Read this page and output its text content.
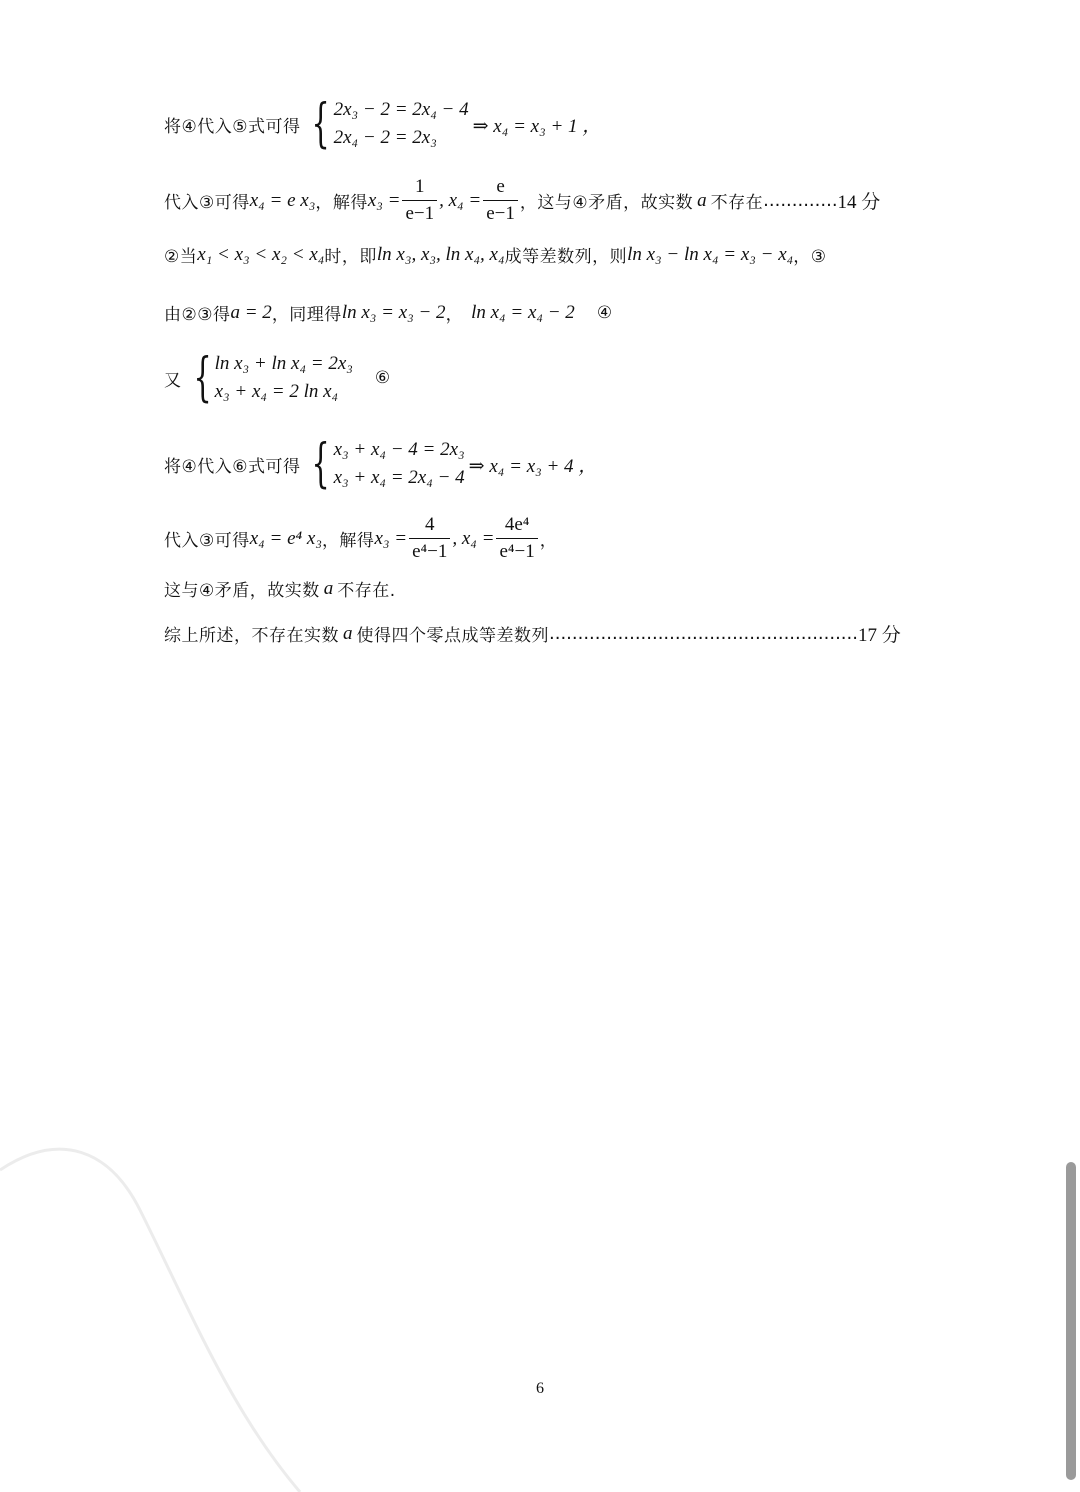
将④代入⑤式可得 { 2x₃ − 2 = 2x₄ − 4
2x₄ − 2 = 2x₃
⇒ x₄ = x₃ + 1 ，
代入③可得 x₄ = e x₃ ，解得 $x_3 = \frac{1}{e-1}$ , $x_4 = \frac{e}{e-1}$ ，这与④矛盾，故实数 a 不存在 ............. 14 分
②当 x₁ < x₃ < x₂ < x₄ 时，即 ln x₃, x₃, ln x₄, x₄ 成等差数列，则 ln x₃ − ln x₄ = x₃ − x₄ ，③
由②③得 a = 2 ，同理得 ln x₃ = x₃ − 2 ， ln x₄ = x₄ − 2 ④
又 { ln x₃ + ln x₄ = 2x₃
x₃ + x₄ = 2 ln x₄
⑥
将④代入⑥式可得 { x₃ + x₄ − 4 = 2x₃
x₃ + x₄ = 2x₄ − 4
⇒ x₄ = x₃ + 4 ，
代入③可得 x₄ = e⁴ x₃ ，解得 $x_3 = \frac{4}{\text{e⁴−1}}$ , $x_4 = \frac{\text{4e⁴}}{\text{e⁴−1}}$ ，
这与④矛盾，故实数 a 不存在.
综上所述，不存在实数 a 使得四个零点成等差数列 ...................................................... 17 分
6
